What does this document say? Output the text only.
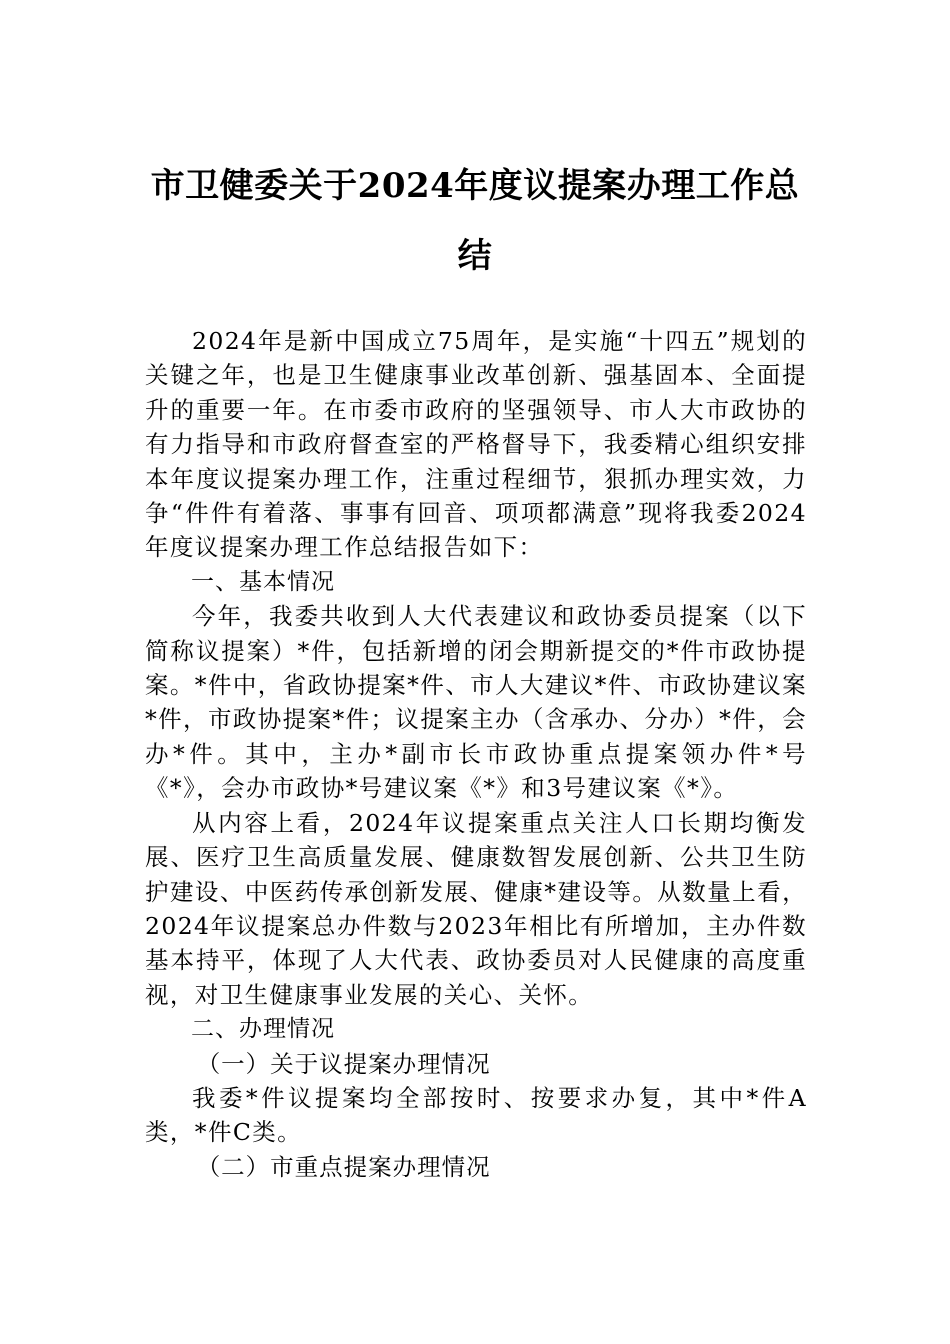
市卫健委关于2024年度议提案办理工作总
结

2024年是新中国成立75周年，是实施“十四五”规划的关键之年，也是卫生健康事业改革创新、强基固本、全面提升的重要一年。在市委市政府的坚强领导、市人大市政协的有力指导和市政府督查室的严格督导下，我委精心组织安排本年度议提案办理工作，注重过程细节，狠抓办理实效，力争“件件有着落、事事有回音、项项都满意”现将我委2024年度议提案办理工作总结报告如下：

一、基本情况

今年，我委共收到人大代表建议和政协委员提案（以下简称议提案）*件，包括新增的闭会期新提交的*件市政协提案。*件中，省政协提案*件、市人大建议*件、市政协建议案*件，市政协提案*件；议提案主办（含承办、分办）*件，会办*件。其中，主办*副市长市政协重点提案领办件*号《*》，会办市政协*号建议案《*》和3号建议案《*》。

从内容上看，2024年议提案重点关注人口长期均衡发展、医疗卫生高质量发展、健康数智发展创新、公共卫生防护建设、中医药传承创新发展、健康*建设等。从数量上看，2024年议提案总办件数与2023年相比有所增加，主办件数基本持平，体现了人大代表、政协委员对人民健康的高度重视，对卫生健康事业发展的关心、关怀。

二、办理情况

（一）关于议提案办理情况

我委*件议提案均全部按时、按要求办复，其中*件A类，*件C类。

（二）市重点提案办理情况
